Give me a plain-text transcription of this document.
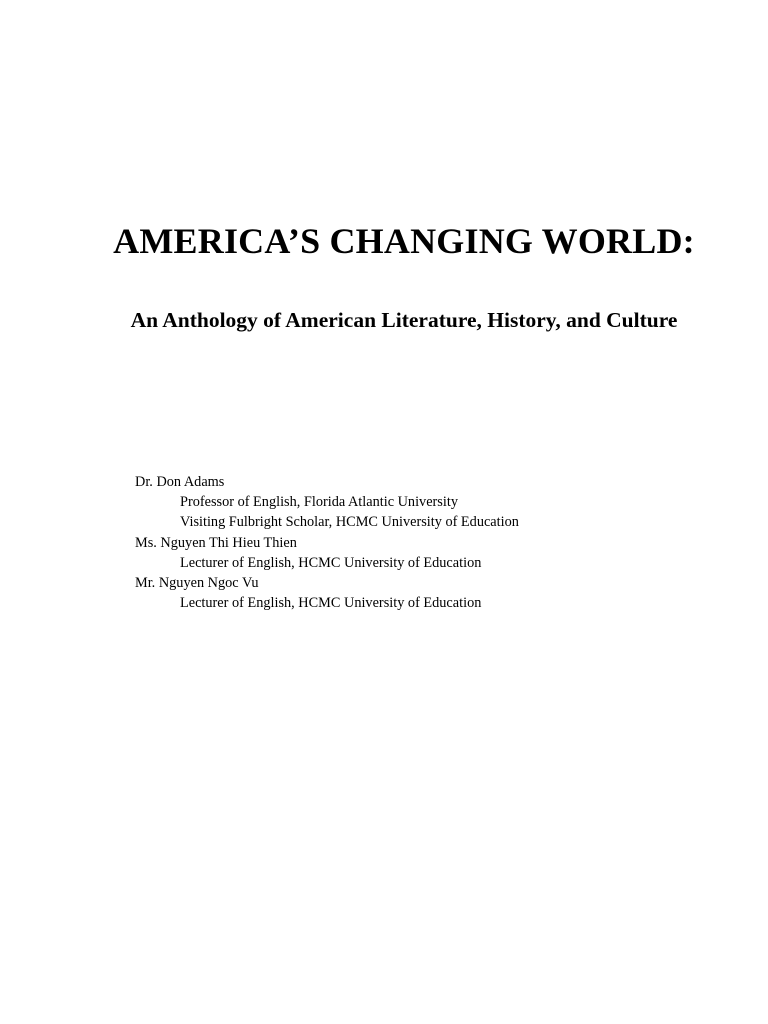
AMERICA’S CHANGING WORLD:
An Anthology of American Literature, History, and Culture
Dr. Don Adams
Professor of English, Florida Atlantic University
Visiting Fulbright Scholar, HCMC University of Education
Ms. Nguyen Thi Hieu Thien
Lecturer of English, HCMC University of Education
Mr. Nguyen Ngoc Vu
Lecturer of English, HCMC University of Education
